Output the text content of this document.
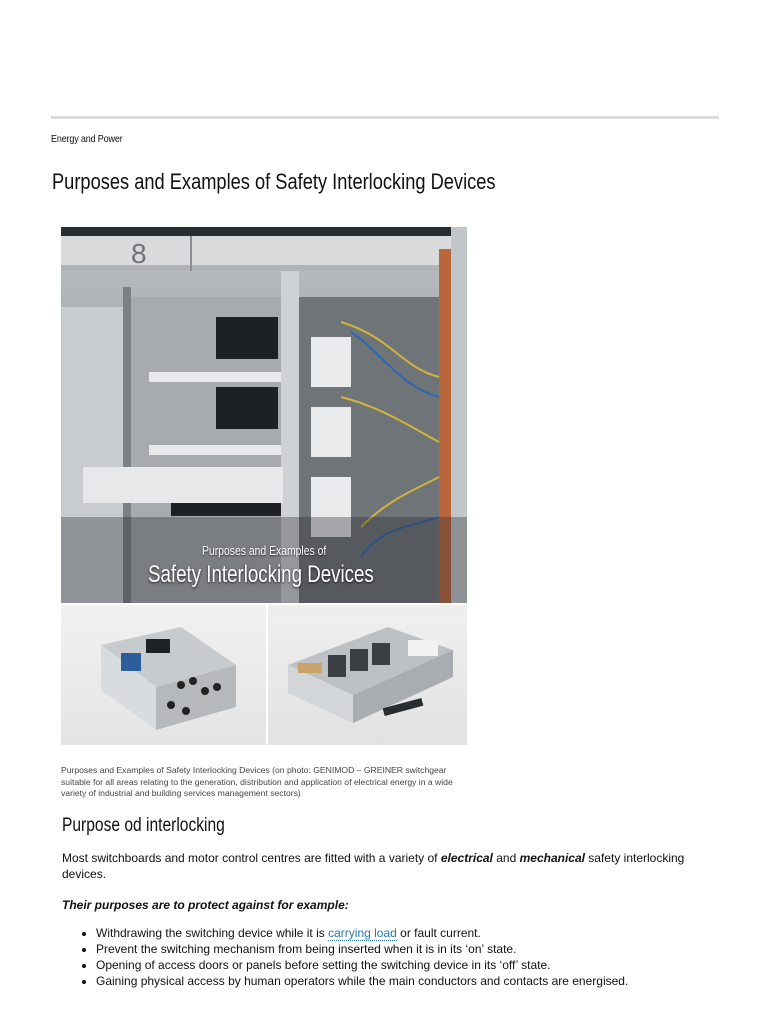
Energy and Power
Purposes and Examples of Safety Interlocking Devices
8
Purposes and Examples of
Safety Interlocking Devices
Purposes and Examples of Safety Interlocking Devices (on photo: GENIMOD – GREINER switchgear suitable for all areas relating to the generation, distribution and application of electrical energy in a wide variety of industrial and building services management sectors)
Purpose od interlocking

Most switchboards and motor control centres are fitted with a variety of electrical and mechanical safety interlocking devices.

Their purposes are to protect against for example:

• Withdrawing the switching device while it is carrying load or fault current.
• Prevent the switching mechanism from being inserted when it is in its ‘on’ state.
• Opening of access doors or panels before setting the switching device in its ‘off’ state.
• Gaining physical access by human operators while the main conductors and contacts are energised.
